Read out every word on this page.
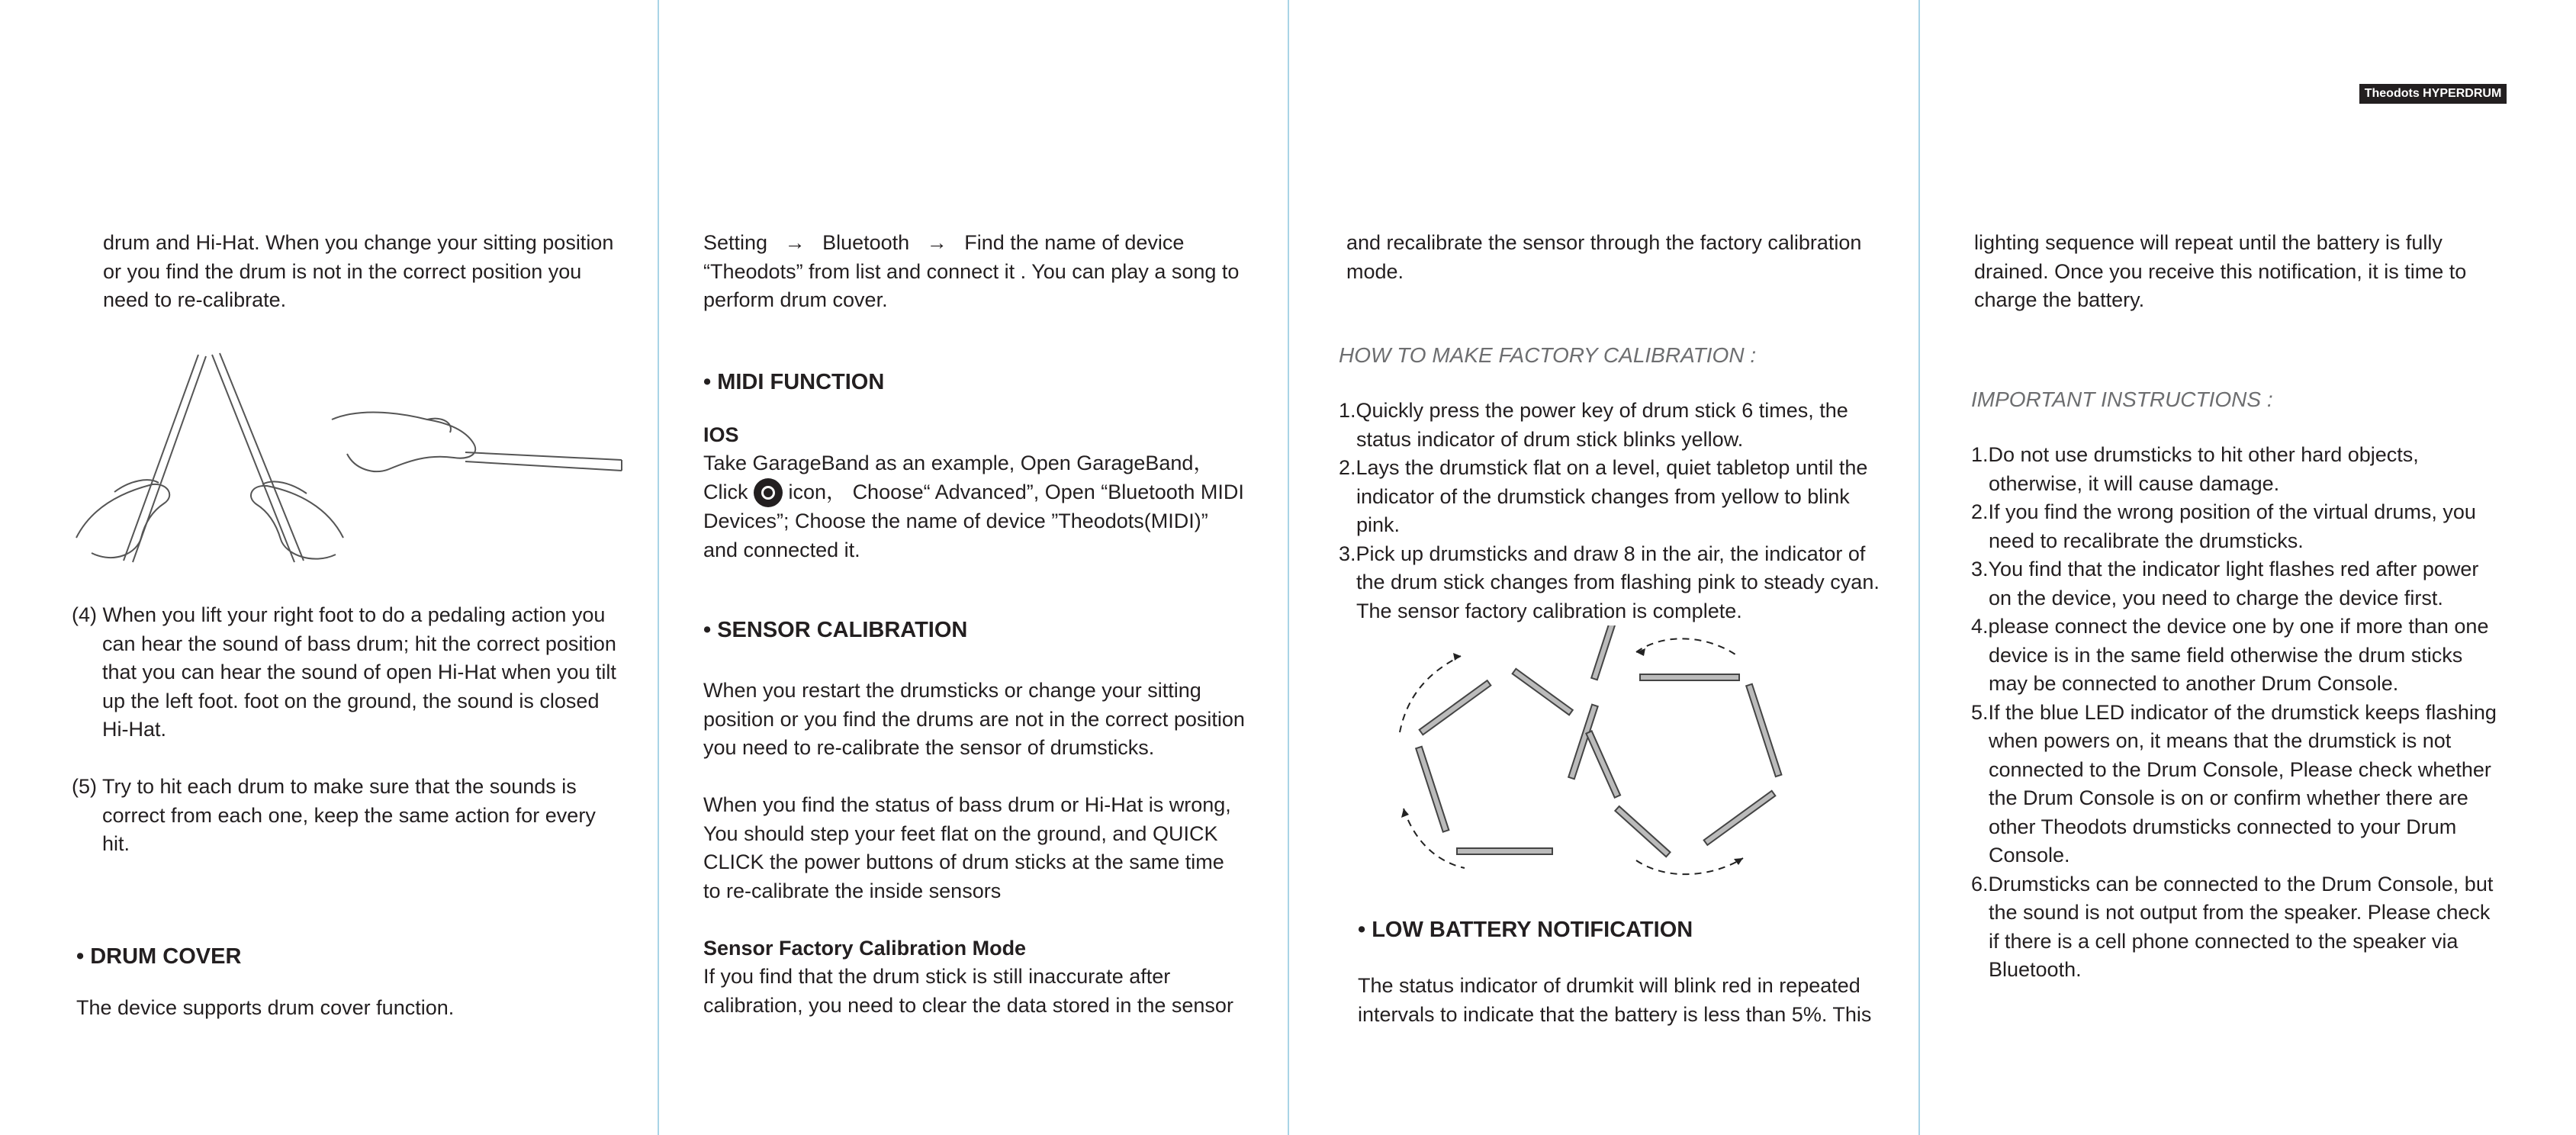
Theodots HYPERDRUM

drum and Hi-Hat. When you change your sitting position or you find the drum is not in the correct position you need to re-calibrate.

(4) When you lift your right foot to do a pedaling action you can hear the sound of bass drum; hit the correct position that you can hear the sound of open Hi-Hat when you tilt up the left foot. foot on the ground, the sound is closed Hi-Hat.
(5) Try to hit each drum to make sure that the sounds is correct from each one, keep the same action for every hit.

• DRUM COVER

The device supports drum cover function.

Setting → Bluetooth → Find the name of device “Theodots” from list and connect it . You can play a song to perform drum cover.

• MIDI FUNCTION

IOS

Take GarageBand as an example, Open GarageBand， Click icon， Choose“ Advanced”, Open “Bluetooth MIDI Devices”; Choose the name of device ”Theodots(MIDI)” and connected it.

• SENSOR CALIBRATION

When you restart the drumsticks or change your sitting position or you find the drums are not in the correct position you need to re-calibrate the sensor of drumsticks.

When you find the status of bass drum or Hi-Hat is wrong, You should step your feet flat on the ground, and QUICK CLICK the power buttons of drum sticks at the same time to re-calibrate the inside sensors

Sensor Factory Calibration Mode

If you find that the drum stick is still inaccurate after calibration, you need to clear the data stored in the sensor

and recalibrate the sensor through the factory calibration mode.

HOW TO MAKE FACTORY CALIBRATION :

1.Quickly press the power key of drum stick 6 times, the status indicator of drum stick blinks yellow.
2.Lays the drumstick flat on a level, quiet tabletop until the indicator of the drumstick changes from yellow to blink pink.
3.Pick up drumsticks and draw 8 in the air, the indicator of the drum stick changes from flashing pink to steady cyan. The sensor factory calibration is complete.

• LOW BATTERY NOTIFICATION

The status indicator of drumkit will blink red in repeated intervals to indicate that the battery is less than 5%. This

lighting sequence will repeat until the battery is fully drained. Once you receive this notification, it is time to charge the battery.

IMPORTANT INSTRUCTIONS :

1.Do not use drumsticks to hit other hard objects, otherwise, it will cause damage.
2.If you find the wrong position of the virtual drums, you need to recalibrate the drumsticks.
3.You find that the indicator light flashes red after power on the device, you need to charge the device first.
4.please connect the device one by one if more than one device is in the same field otherwise the drum sticks may be connected to another Drum Console.
5.If the blue LED indicator of the drumstick keeps flashing when powers on, it means that the drumstick is not connected to the Drum Console, Please check whether the Drum Console is on or confirm whether there are other Theodots drumsticks connected to your Drum Console.
6.Drumsticks can be connected to the Drum Console, but the sound is not output from the speaker. Please check if there is a cell phone connected to the speaker via Bluetooth.
